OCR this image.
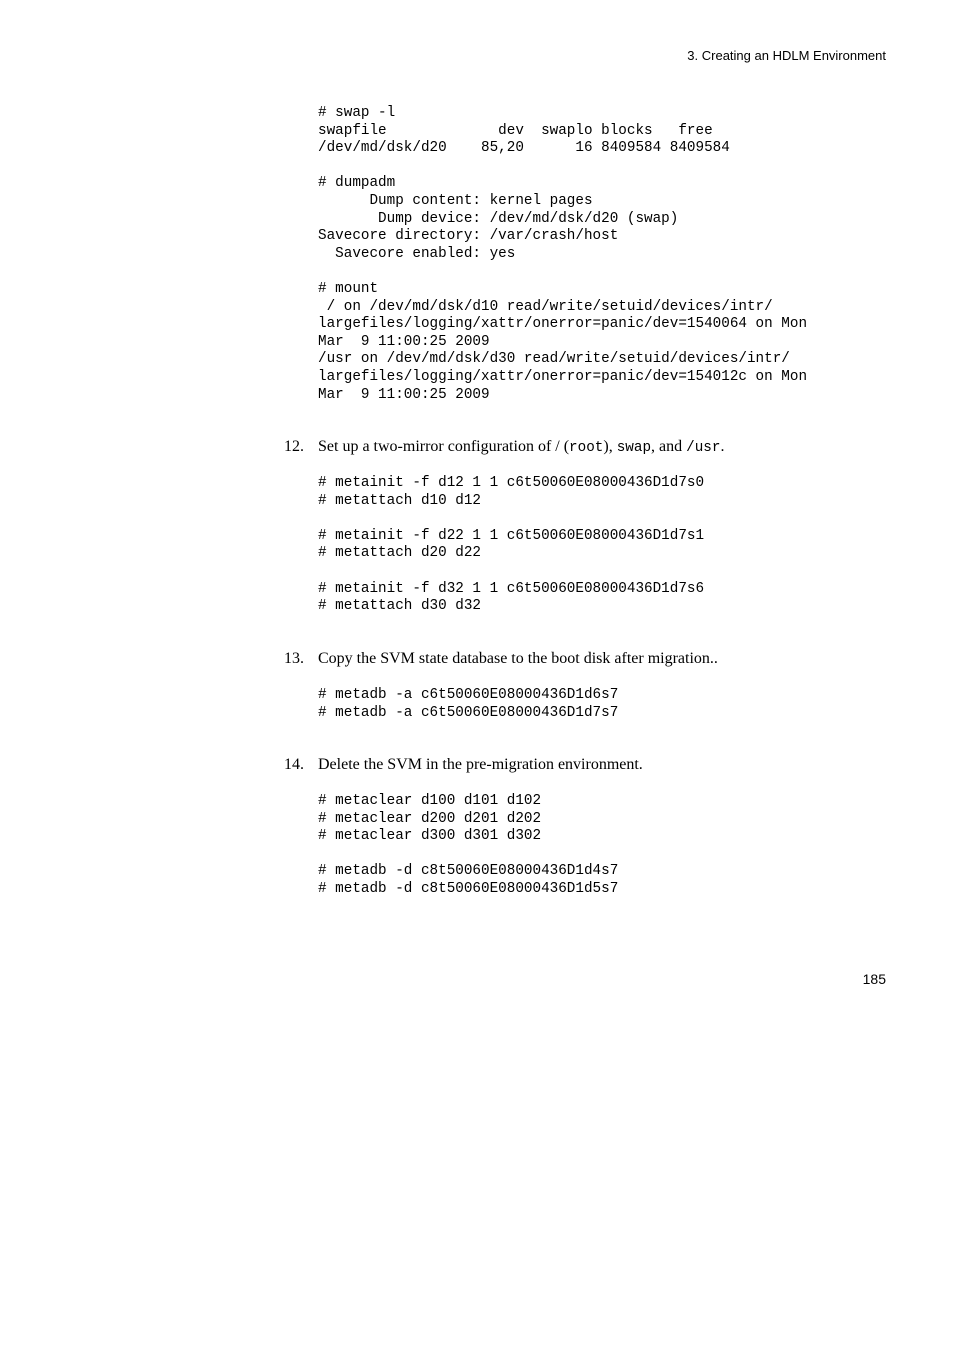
3. Creating an HDLM Environment
# swap -l
swapfile             dev  swaplo blocks   free
/dev/md/dsk/d20    85,20      16 8409584 8409584

# dumpadm
Dump content: kernel pages
Dump device: /dev/md/dsk/d20 (swap)
Savecore directory: /var/crash/host
Savecore enabled: yes

# mount
/ on /dev/md/dsk/d10 read/write/setuid/devices/intr/
largefiles/logging/xattr/onerror=panic/dev=1540064 on Mon
Mar  9 11:00:25 2009
/usr on /dev/md/dsk/d30 read/write/setuid/devices/intr/
largefiles/logging/xattr/onerror=panic/dev=154012c on Mon
Mar  9 11:00:25 2009
12. Set up a two-mirror configuration of / (root), swap, and /usr.
# metainit -f d12 1 1 c6t50060E08000436D1d7s0
# metattach d10 d12

# metainit -f d22 1 1 c6t50060E08000436D1d7s1
# metattach d20 d22

# metainit -f d32 1 1 c6t50060E08000436D1d7s6
# metattach d30 d32
13. Copy the SVM state database to the boot disk after migration..
# metadb -a c6t50060E08000436D1d6s7
# metadb -a c6t50060E08000436D1d7s7
14. Delete the SVM in the pre-migration environment.
# metaclear d100 d101 d102
# metaclear d200 d201 d202
# metaclear d300 d301 d302

# metadb -d c8t50060E08000436D1d4s7
# metadb -d c8t50060E08000436D1d5s7
185
